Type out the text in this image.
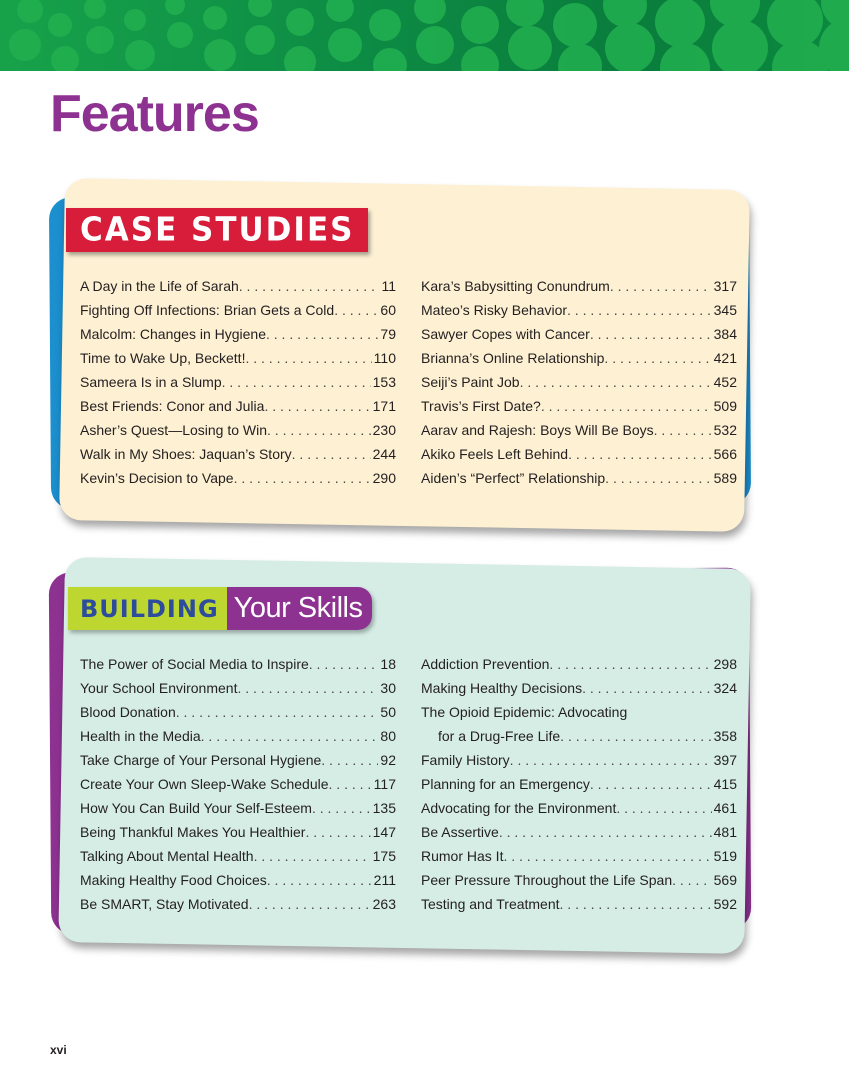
Features
CASE STUDIES
A Day in the Life of Sarah . . .	11
Fighting Off Infections: Brian Gets a Cold . . .	60
Malcolm: Changes in Hygiene . . .	79
Time to Wake Up, Beckett! . . .	110
Sameera Is in a Slump . . .	153
Best Friends: Conor and Julia . . .	171
Asher’s Quest—Losing to Win . . .	230
Walk in My Shoes: Jaquan’s Story . . .	244
Kevin’s Decision to Vape . . .	290
Kara’s Babysitting Conundrum . . .	317
Mateo’s Risky Behavior . . .	345
Sawyer Copes with Cancer . . .	384
Brianna’s Online Relationship . . .	421
Seiji’s Paint Job . . .	452
Travis’s First Date? . . .	509
Aarav and Rajesh: Boys Will Be Boys . . .	532
Akiko Feels Left Behind . . .	566
Aiden’s “Perfect” Relationship . . .	589
BUILDING Your Skills
The Power of Social Media to Inspire . . .	18
Your School Environment . . .	30
Blood Donation . . .	50
Health in the Media . . .	80
Take Charge of Your Personal Hygiene . . .	92
Create Your Own Sleep-Wake Schedule . . .	117
How You Can Build Your Self-Esteem . . .	135
Being Thankful Makes You Healthier . . .	147
Talking About Mental Health . . .	175
Making Healthy Food Choices . . .	211
Be SMART, Stay Motivated . . .	263
Addiction Prevention . . .	298
Making Healthy Decisions . . .	324
The Opioid Epidemic: Advocating
for a Drug-Free Life . . .	358
Family History . . .	397
Planning for an Emergency . . .	415
Advocating for the Environment . . .	461
Be Assertive . . .	481
Rumor Has It . . .	519
Peer Pressure Throughout the Life Span . . .	569
Testing and Treatment . . .	592
xvi
